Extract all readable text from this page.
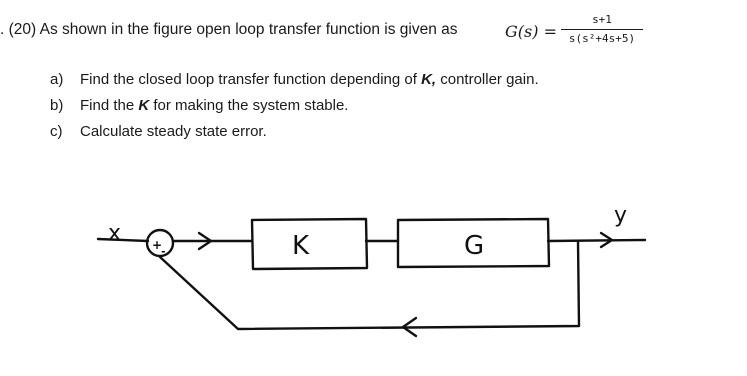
. (20) As shown in the figure open loop transfer function is given as	G(s) =
s+1
s(s²+4s+5)
a) Find the closed loop transfer function depending of K, controller gain.
b) Find the K for making the system stable.
c) Calculate steady state error.
x	+
-	K	G
y
